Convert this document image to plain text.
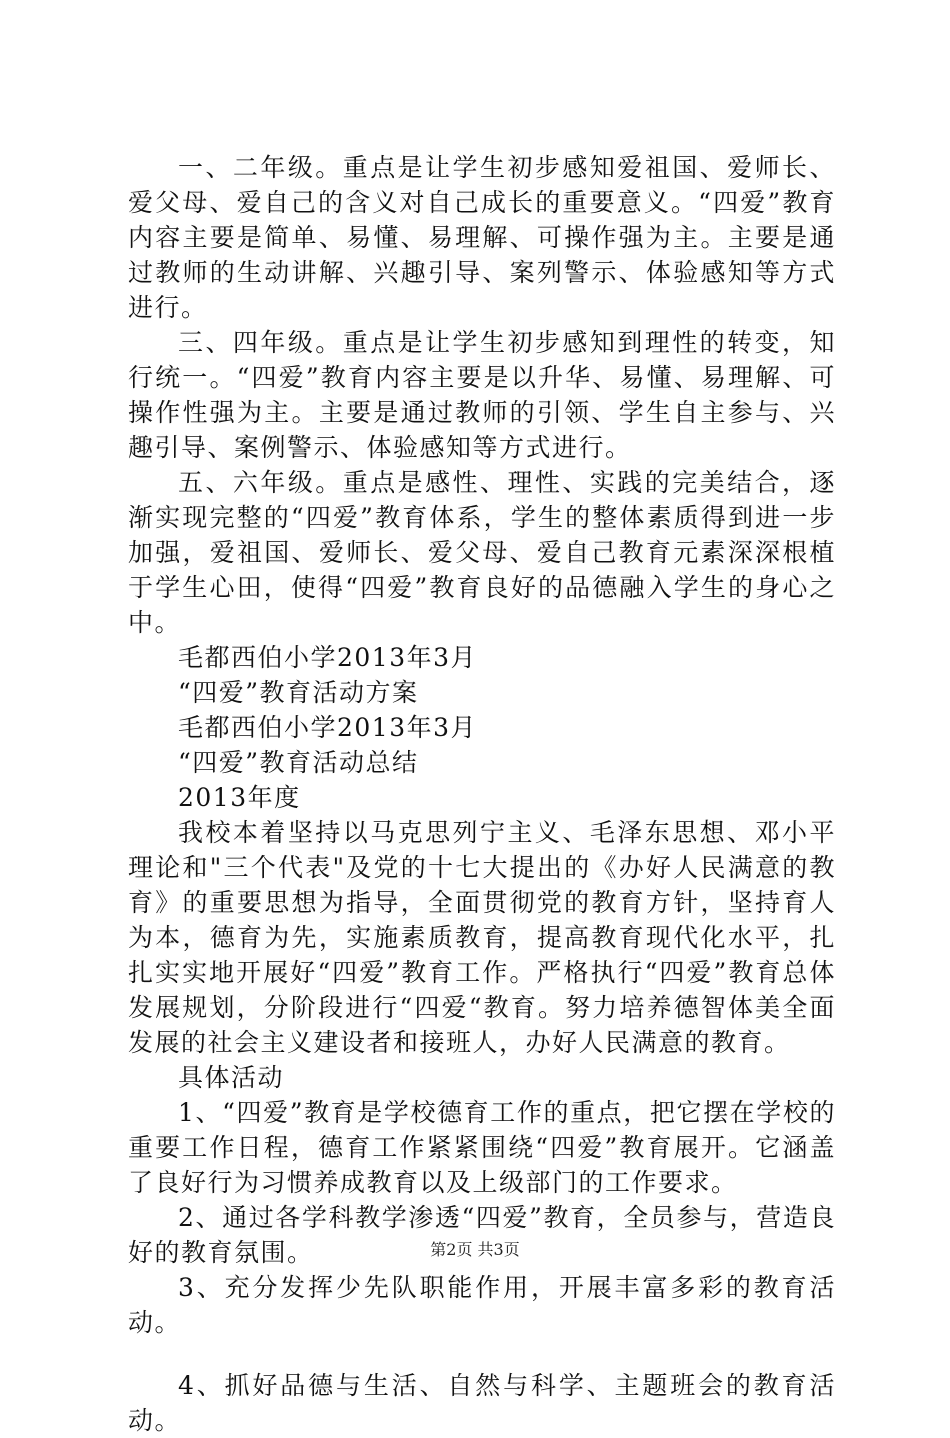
一、二年级。重点是让学生初步感知爱祖国、爱师长、爱父母、爱自己的含义对自己成长的重要意义。“四爱”教育内容主要是简单、易懂、易理解、可操作强为主。主要是通过教师的生动讲解、兴趣引导、案列警示、体验感知等方式进行。

三、四年级。重点是让学生初步感知到理性的转变，知行统一。“四爱”教育内容主要是以升华、易懂、易理解、可操作性强为主。主要是通过教师的引领、学生自主参与、兴趣引导、案例警示、体验感知等方式进行。

五、六年级。重点是感性、理性、实践的完美结合，逐渐实现完整的“四爱”教育体系，学生的整体素质得到进一步加强，爱祖国、爱师长、爱父母、爱自己教育元素深深根植于学生心田，使得“四爱”教育良好的品德融入学生的身心之中。

毛都西伯小学2013年3月

“四爱”教育活动方案

毛都西伯小学2013年3月

“四爱”教育活动总结

2013年度

我校本着坚持以马克思列宁主义、毛泽东思想、邓小平理论和"三个代表"及党的十七大提出的《办好人民满意的教育》的重要思想为指导，全面贯彻党的教育方针，坚持育人为本，德育为先，实施素质教育，提高教育现代化水平，扎扎实实地开展好“四爱”教育工作。严格执行“四爱”教育总体发展规划，分阶段进行“四爱“教育。努力培养德智体美全面发展的社会主义建设者和接班人，办好人民满意的教育。

具体活动

1、“四爱”教育是学校德育工作的重点，把它摆在学校的重要工作日程，德育工作紧紧围绕“四爱”教育展开。它涵盖了良好行为习惯养成教育以及上级部门的工作要求。

2、通过各学科教学渗透“四爱”教育，全员参与，营造良好的教育氛围。

3、充分发挥少先队职能作用，开展丰富多彩的教育活动。

4、抓好品德与生活、自然与科学、主题班会的教育活动。

第2页 共3页
